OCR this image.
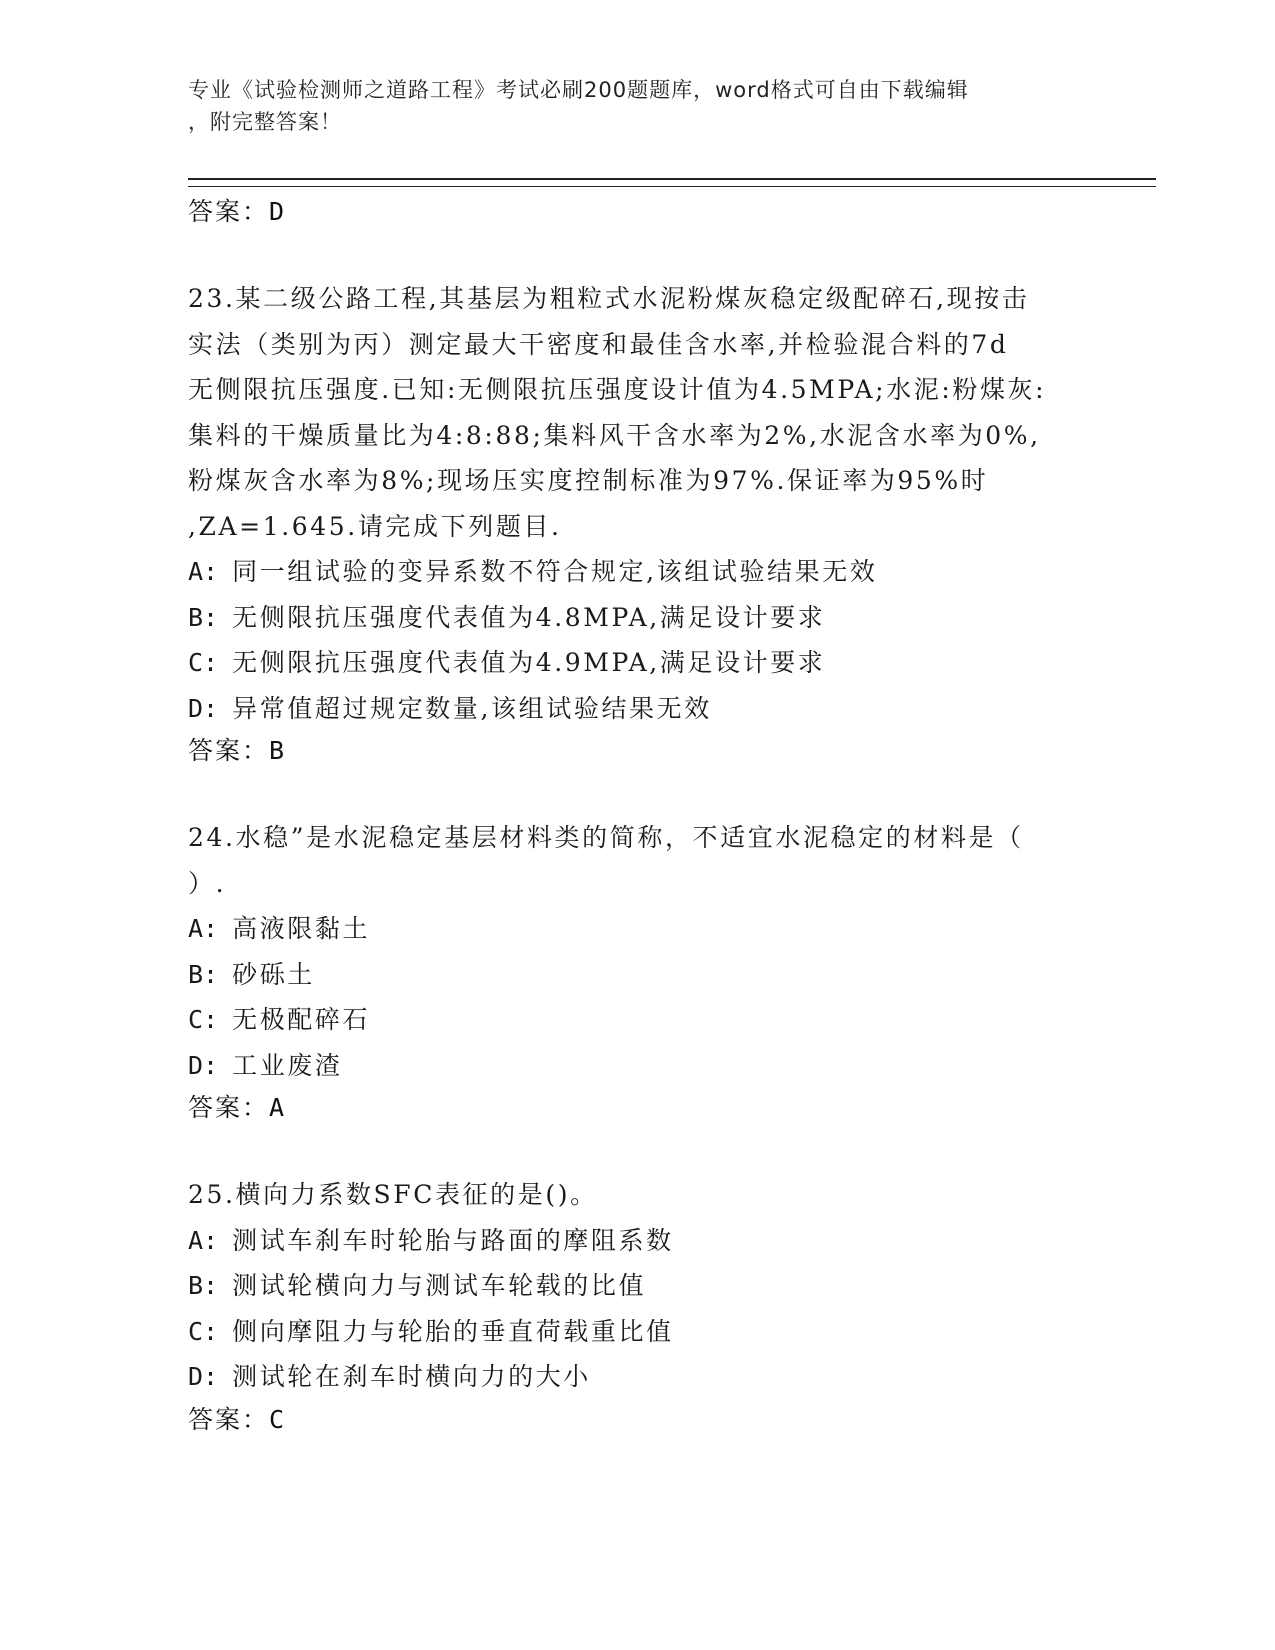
专业《试验检测师之道路工程》考试必刷200题题库，word格式可自由下载编辑
，附完整答案！
答案：D
23.某二级公路工程,其基层为粗粒式水泥粉煤灰稳定级配碎石,现按击
实法（类别为丙）测定最大干密度和最佳含水率,并检验混合料的7d
无侧限抗压强度.已知:无侧限抗压强度设计值为4.5MPA;水泥:粉煤灰:
集料的干燥质量比为4:8:88;集料风干含水率为2%,水泥含水率为0%,
粉煤灰含水率为8%;现场压实度控制标准为97%.保证率为95%时
,ZA=1.645.请完成下列题目.
A: 同一组试验的变异系数不符合规定,该组试验结果无效
B: 无侧限抗压强度代表值为4.8MPA,满足设计要求
C: 无侧限抗压强度代表值为4.9MPA,满足设计要求
D: 异常值超过规定数量,该组试验结果无效
答案：B
24.水稳”是水泥稳定基层材料类的简称，不适宜水泥稳定的材料是（
）.
A: 高液限黏土
B: 砂砾土
C: 无极配碎石
D: 工业废渣
答案：A
25.横向力系数SFC表征的是()。
A: 测试车刹车时轮胎与路面的摩阻系数
B: 测试轮横向力与测试车轮载的比值
C: 侧向摩阻力与轮胎的垂直荷载重比值
D: 测试轮在刹车时横向力的大小
答案：C
